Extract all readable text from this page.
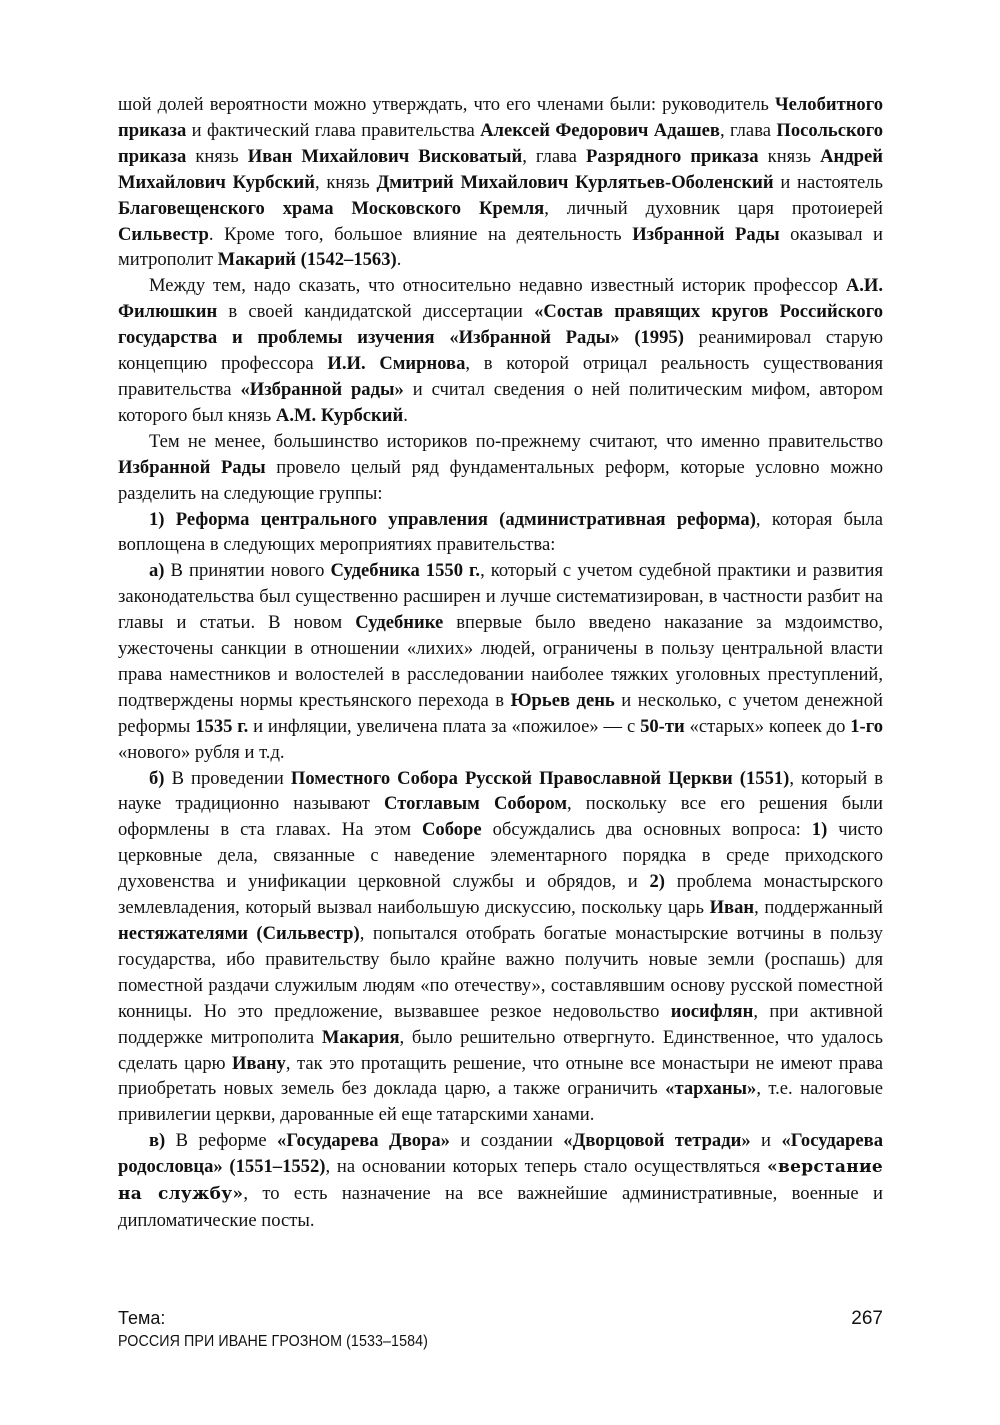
шой долей вероятности можно утверждать, что его членами были: руководитель Челобитного приказа и фактический глава правительства Алексей Федорович Адашев, глава Посольского приказа князь Иван Михайлович Висковатый, глава Разрядного приказа князь Андрей Михайлович Курбский, князь Дмитрий Михайлович Курлятьев-Оболенский и настоятель Благовещенского храма Московского Кремля, личный духовник царя протоиерей Сильвестр. Кроме того, большое влияние на деятельность Избранной Рады оказывал и митрополит Макарий (1542–1563).

Между тем, надо сказать, что относительно недавно известный историк профессор А.И. Филюшкин в своей кандидатской диссертации «Состав правящих кругов Российского государства и проблемы изучения «Избранной Рады» (1995) реанимировал старую концепцию профессора И.И. Смирнова, в которой отрицал реальность существования правительства «Избранной рады» и считал сведения о ней политическим мифом, автором которого был князь А.М. Курбский.

Тем не менее, большинство историков по-прежнему считают, что именно правительство Избранной Рады провело целый ряд фундаментальных реформ, которые условно можно разделить на следующие группы:

1) Реформа центрального управления (административная реформа), которая была воплощена в следующих мероприятиях правительства:

а) В принятии нового Судебника 1550 г., который с учетом судебной практики и развития законодательства был существенно расширен и лучше систематизирован, в частности разбит на главы и статьи. В новом Судебнике впервые было введено наказание за мздоимство, ужесточены санкции в отношении «лихих» людей, ограничены в пользу центральной власти права наместников и волостелей в расследовании наиболее тяжких уголовных преступлений, подтверждены нормы крестьянского перехода в Юрьев день и несколько, с учетом денежной реформы 1535 г. и инфляции, увеличена плата за «пожилое» — с 50-ти «старых» копеек до 1-го «нового» рубля и т.д.

б) В проведении Поместного Собора Русской Православной Церкви (1551), который в науке традиционно называют Стоглавым Собором, поскольку все его решения были оформлены в ста главах. На этом Соборе обсуждались два основных вопроса: 1) чисто церковные дела, связанные с наведение элементарного порядка в среде приходского духовенства и унификации церковной службы и обрядов, и 2) проблема монастырского землевладения, который вызвал наибольшую дискуссию, поскольку царь Иван, поддержанный нестяжателями (Сильвестр), попытался отобрать богатые монастырские вотчины в пользу государства, ибо правительству было крайне важно получить новые земли (роспашь) для поместной раздачи служилым людям «по отечеству», составлявшим основу русской поместной конницы. Но это предложение, вызвавшее резкое недовольство иосифлян, при активной поддержке митрополита Макария, было решительно отвергнуто. Единственное, что удалось сделать царю Ивану, так это протащить решение, что отныне все монастыри не имеют права приобретать новых земель без доклада царю, а также ограничить «тарханы», т.е. налоговые привилегии церкви, дарованные ей еще татарскими ханами.

в) В реформе «Государева Двора» и создании «Дворцовой тетради» и «Государева родословца» (1551–1552), на основании которых теперь стало осуществляться «верстание на службу», то есть назначение на все важнейшие административные, военные и дипломатические посты.

Тема:
РОССИЯ ПРИ ИВАНЕ ГРОЗНОМ (1533–1584)
267
